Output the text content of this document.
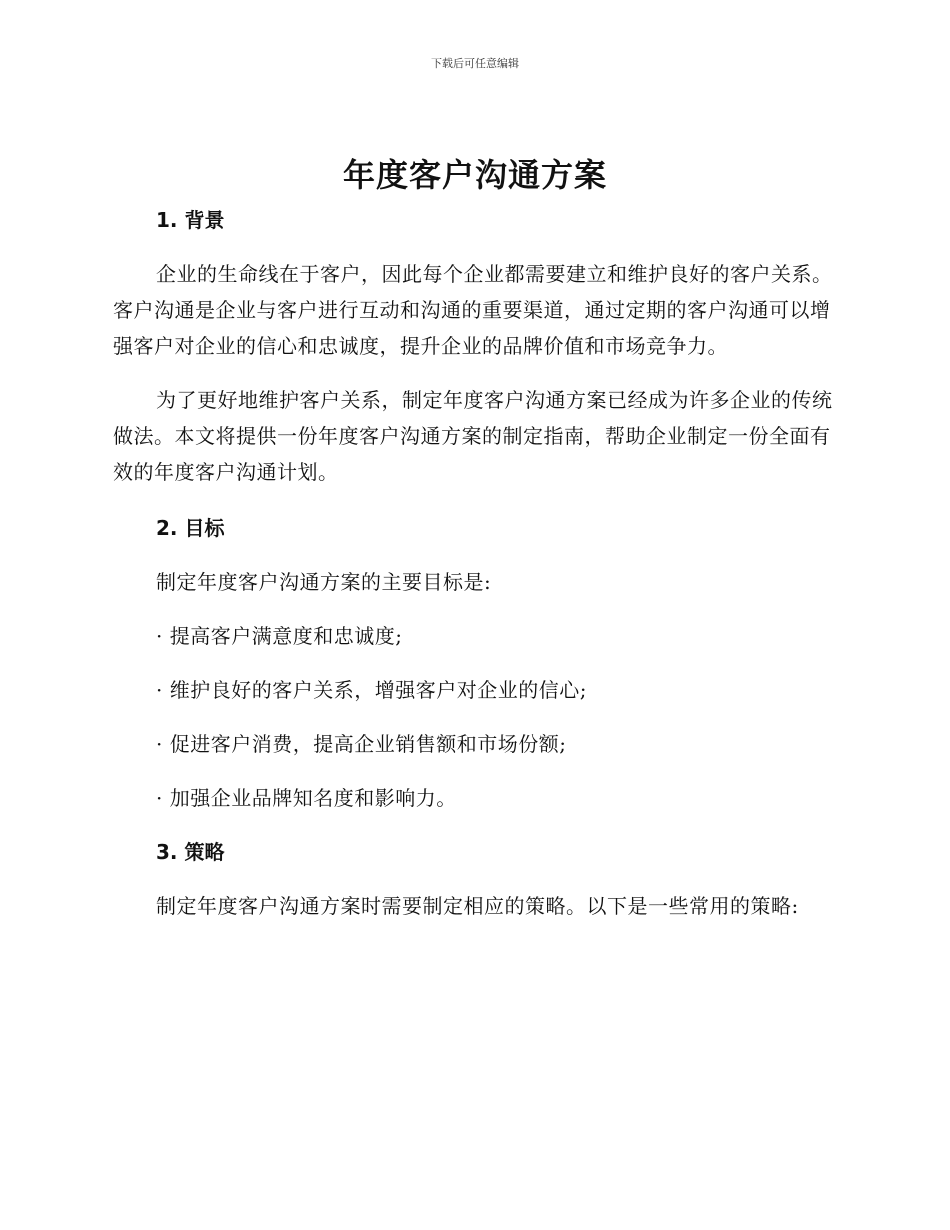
下载后可任意编辑
年度客户沟通方案
1. 背景

企业的生命线在于客户，因此每个企业都需要建立和维护良好的客户关系。客户沟通是企业与客户进行互动和沟通的重要渠道，通过定期的客户沟通可以增强客户对企业的信心和忠诚度，提升企业的品牌价值和市场竞争力。

为了更好地维护客户关系，制定年度客户沟通方案已经成为许多企业的传统做法。本文将提供一份年度客户沟通方案的制定指南，帮助企业制定一份全面有效的年度客户沟通计划。

2. 目标

制定年度客户沟通方案的主要目标是:

· 提高客户满意度和忠诚度;

· 维护良好的客户关系，增强客户对企业的信心;

· 促进客户消费，提高企业销售额和市场份额;

· 加强企业品牌知名度和影响力。

3. 策略

制定年度客户沟通方案时需要制定相应的策略。以下是一些常用的策略:
